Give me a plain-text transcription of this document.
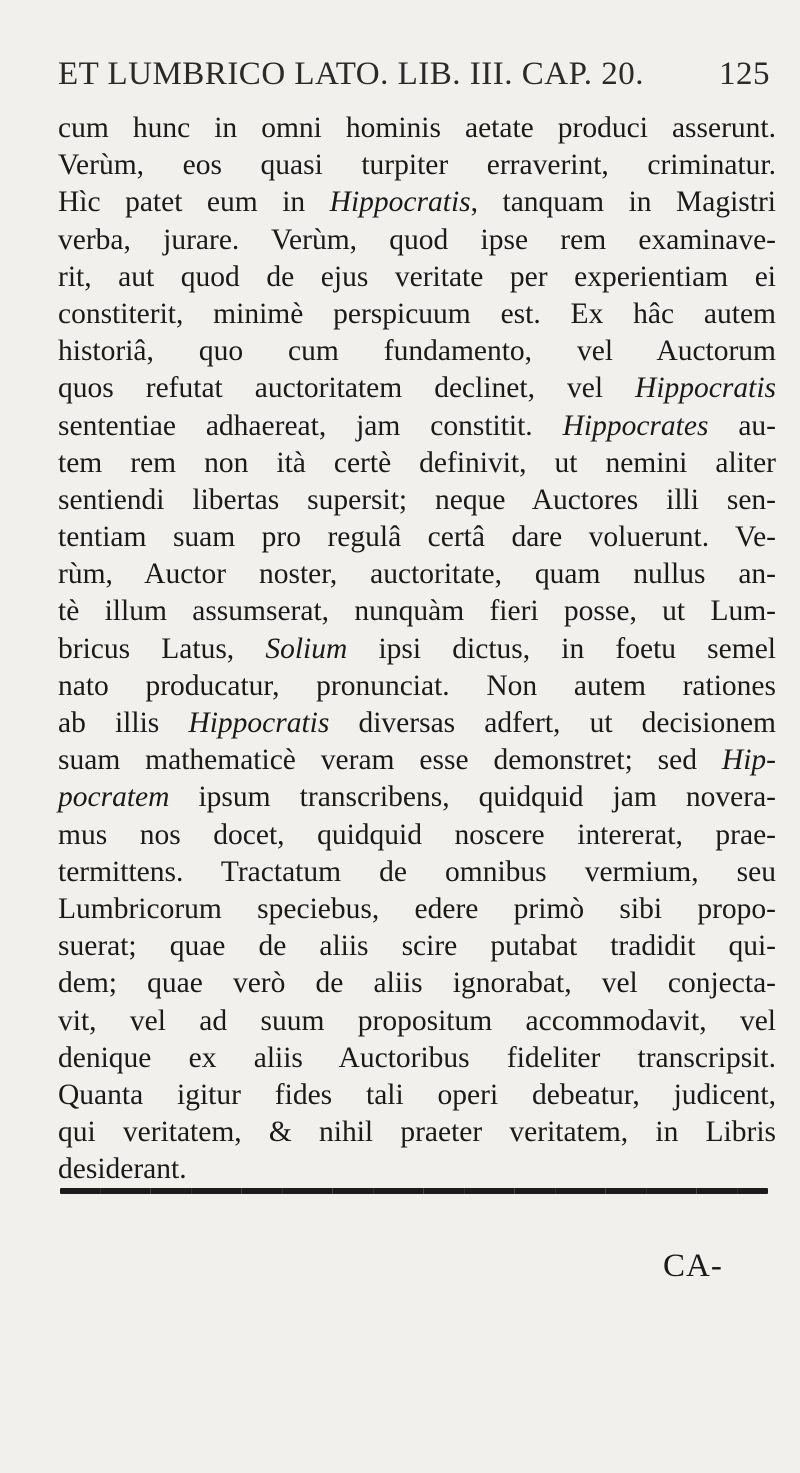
ET LUMBRICO LATO. LIB. III. CAP. 20. 125
cum hunc in omni hominis aetate produci asserunt.
Verùm, eos quasi turpiter erraverint, criminatur.
Hìc patet eum in Hippocratis, tanquam in Magistri
verba, jurare. Verùm, quod ipse rem examinave-
rit, aut quod de ejus veritate per experientiam ei
constiterit, minimè perspicuum est. Ex hâc autem
historiâ, quo cum fundamento, vel Auctorum
quos refutat auctoritatem declinet, vel Hippocratis
sententiae adhaereat, jam constitit. Hippocrates au-
tem rem non ità certè definivit, ut nemini aliter
sentiendi libertas supersit; neque Auctores illi sen-
tentiam suam pro regulâ certâ dare voluerunt. Ve-
rùm, Auctor noster, auctoritate, quam nullus an-
tè illum assumserat, nunquàm fieri posse, ut Lum-
bricus Latus, Solium ipsi dictus, in foetu semel
nato producatur, pronunciat. Non autem rationes
ab illis Hippocratis diversas adfert, ut decisionem
suam mathematicè veram esse demonstret; sed Hip-
pocratem ipsum transcribens, quidquid jam novera-
mus nos docet, quidquid noscere intererat, prae-
termittens. Tractatum de omnibus vermium, seu
Lumbricorum speciebus, edere primò sibi propo-
suerat; quae de aliis scire putabat tradidit qui-
dem; quae verò de aliis ignorabat, vel conjecta-
vit, vel ad suum propositum accommodavit, vel
denique ex aliis Auctoribus fideliter transcripsit.
Quanta igitur fides tali operi debeatur, judicent,
qui veritatem, & nihil praeter veritatem, in Libris
desiderant.
CA-
